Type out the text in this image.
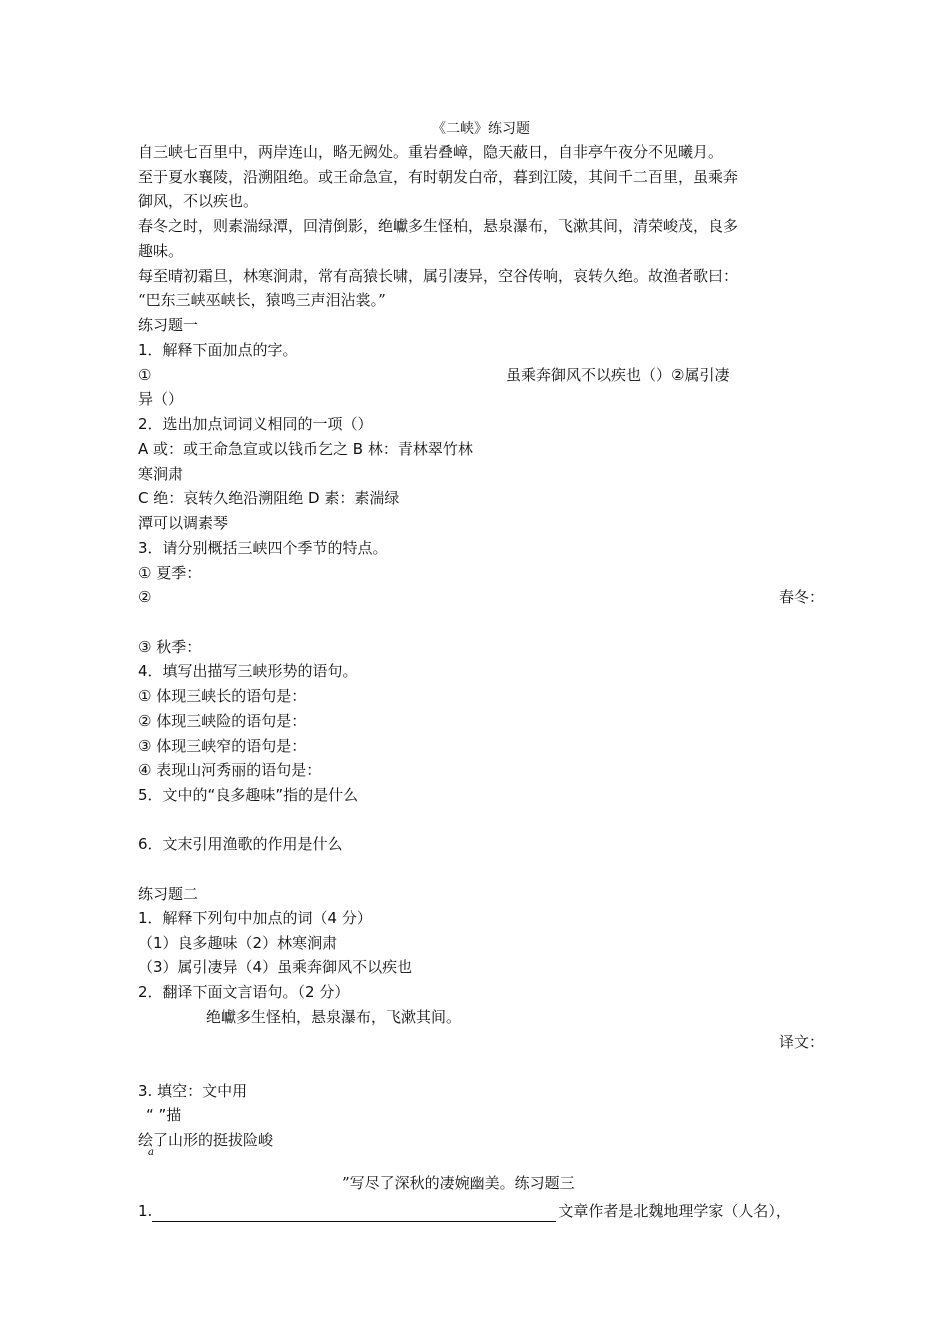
《二峡》练习题
自三峡七百里中，两岸连山，略无阙处。重岩叠嶂，隐天蔽日，自非亭午夜分不见曦月。
至于夏水襄陵，沿溯阻绝。或王命急宣，有时朝发白帝，暮到江陵，其间千二百里，虽乘奔
御风，不以疾也。
春冬之时，则素湍绿潭，回清倒影，绝巘多生怪柏，悬泉瀑布，飞漱其间，清荣峻茂，良多
趣味。
每至晴初霜旦，林寒涧肃，常有高猿长啸，属引凄异，空谷传响，哀转久绝。故渔者歌曰：
“巴东三峡巫峡长，猿鸣三声泪沾裳。”
练习题一
1．解释下面加点的字。
①	虽乘奔御风不以疾也（）②属引凄
异（）
2．选出加点词词义相同的一项（）
A 或：或王命急宣或以钱币乞之 B 林：青林翠竹林
寒涧肃
C 绝：哀转久绝沿溯阻绝 D 素：素湍绿
潭可以调素琴
3．请分别概括三峡四个季节的特点。
① 夏季：
②	春冬：
③ 秋季：
4．填写出描写三峡形势的语句。
① 体现三峡长的语句是：
② 体现三峡险的语句是：
③ 体现三峡窄的语句是：
④ 表现山河秀丽的语句是：
5．文中的“良多趣味”指的是什么
6．文末引用渔歌的作用是什么
练习题二
1．解释下列句中加点的词（4 分）
（1）良多趣味（2）林寒涧肃
（3）属引凄异（4）虽乘奔御风不以疾也
2．翻译下面文言语句。（2 分）
绝巘多生怪柏，悬泉瀑布，飞漱其间。
译文：
3. 填空：文中用
“ ”描
绘了山形的挺拔险峻
a
”写尽了深秋的凄婉幽美。练习题三
1.	文章作者是北魏地理学家（人名），
